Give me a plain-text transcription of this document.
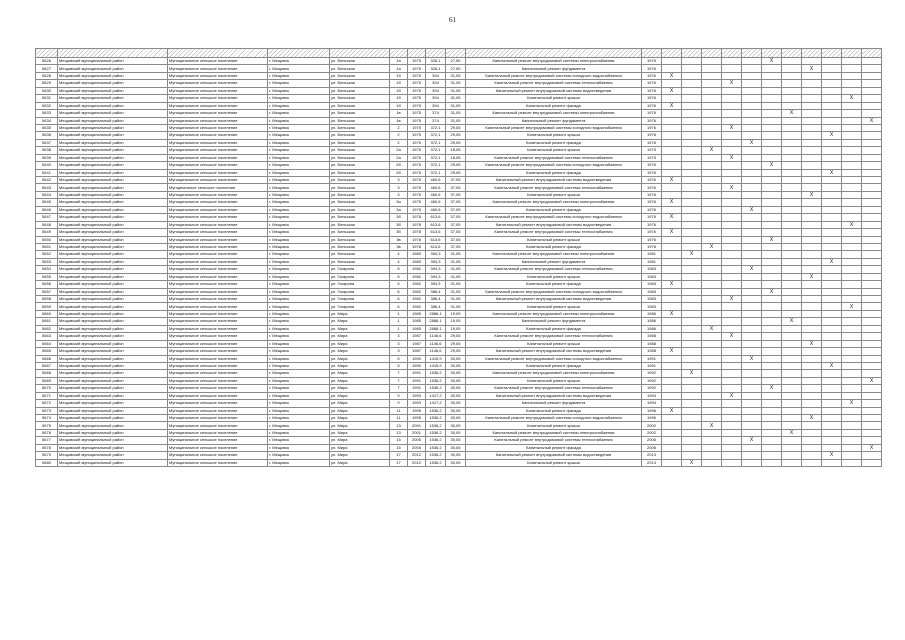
61

5626	Мещовский муниципальный район	Муниципальное сельское поселение	г. Мещовск	ул. Бельская	1а	1975	326,1	27,50	Капитальный ремонт внутридомовой системы электроснабжения	1976						X					
5627	Мещовский муниципальный район	Муниципальное сельское поселение	г. Мещовск	ул. Бельская	1а	1975	326,1	27,50	Капитальный ремонт фундамента	1976								X			
5628	Мещовский муниципальный район	Муниципальное сельское поселение	г. Мещовск	ул. Бельская	1б	1975	394	31,05	Капитальный ремонт внутридомовой системы холодного водоснабжения	1976	X										
5629	Мещовский муниципальный район	Муниципальное сельское поселение	г. Мещовск	ул. Бельская	1б	1975	394	31,05	Капитальный ремонт внутридомовой системы теплоснабжения	1976				X							
5630	Мещовский муниципальный район	Муниципальное сельское поселение	г. Мещовск	ул. Бельская	1б	1975	394	31,05	Капитальный ремонт внутридомовой системы водоотведения	1976	X										
5631	Мещовский муниципальный район	Муниципальное сельское поселение	г. Мещовск	ул. Бельская	1б	1975	394	31,05	Капитальный ремонт крыши	1976										X	
5632	Мещовский муниципальный район	Муниципальное сельское поселение	г. Мещовск	ул. Бельская	1б	1975	394	31,05	Капитальный ремонт фасада	1976	X										
5633	Мещовский муниципальный район	Муниципальное сельское поселение	г. Мещовск	ул. Бельская	1в	1975	374	31,05	Капитальный ремонт внутридомовой системы электроснабжения	1976							X				
5634	Мещовский муниципальный район	Муниципальное сельское поселение	г. Мещовск	ул. Бельская	1в	1975	374	31,05	Капитальный ремонт фундамента	1976											X
5635	Мещовский муниципальный район	Муниципальное сельское поселение	г. Мещовск	ул. Бельская	2	1975	372,1	29,05	Капитальный ремонт внутридомовой системы холодного водоснабжения	1976				X							
5636	Мещовский муниципальный район	Муниципальное сельское поселение	г. Мещовск	ул. Бельская	2	1975	372,1	29,05	Капитальный ремонт крыши	1976									X		
5637	Мещовский муниципальный район	Муниципальное сельское поселение	г. Мещовск	ул. Бельская	2	1975	372,1	29,05	Капитальный ремонт фасада	1976					X						
5638	Мещовский муниципальный район	Муниципальное сельское поселение	г. Мещовск	ул. Бельская	2а	1975	372,1	18,05	Капитальный ремонт крыши	1975			X								
5639	Мещовский муниципальный район	Муниципальное сельское поселение	г. Мещовск	ул. Бельская	2а	1975	372,1	18,05	Капитальный ремонт внутридомовой системы теплоснабжения	1975				X							
5640	Мещовский муниципальный район	Муниципальное сельское поселение	г. Мещовск	ул. Бельская	2б	1975	372,1	29,05	Капитальный ремонт внутридомовой системы холодного водоснабжения	1976						X					
5641	Мещовский муниципальный район	Муниципальное сельское поселение	г. Мещовск	ул. Бельская	2б	1975	372,1	29,05	Капитальный ремонт фасада	1976									X		
5642	Мещовский муниципальный район	Муниципальное сельское поселение	г. Мещовск	ул. Бельская	3	1975	460,6	37,05	Капитальный ремонт внутридомовой системы водоотведения	1976	X										
5643	Мещовский муниципальный район	Мунципальное сельское поселение	г. Мещовск	ул. Бельская	3	1975	460,6	37,05	Капитальный ремонт внутридомовой системы теплоснабжения	1976				X							
5644	Мещовский муниципальный район	Муниципальное сельское поселение	г. Мещовск	ул. Бельская	3	1975	460,6	37,05	Капитальный ремонт крыши	1976								X			
5645	Мещовский муниципальный район	Муниципальное сельское поселение	г. Мещовск	ул. Бельская	3а	1975	460,6	37,05	Капитальный ремонт внутридомовой системы электроснабжения	1976	X										
5646	Мещовский муниципальный район	Муниципальное сельское поселение	г. Мещовск	ул. Бельская	3а	1975	460,6	37,05	Капитальный ремонт фасада	1976					X						
5647	Мещовский муниципальный район	Муниципальное сельское поселение	г. Мещовск	ул. Бельская	3б	1978	613,6	37,05	Капитальный ремонт внутридомовой системы холодного водоснабжения	1976	X										
5648	Мещовский муниципальный район	Муниципальное сельское поселение	г. Мещовск	ул. Бельская	3б	1978	613,6	37,05	Капитальный ремонт внутридомовой системы водоотведения	1976										X	
5649	Мещовский муниципальный район	Муниципальное сельское поселение	г. Мещовск	ул. Бельская	3б	1978	613,6	37,05	Капитальный ремонт внутридомовой системы теплоснабжения	1976	X										
5650	Мещовский муниципальный район	Муниципальное сельское поселение	г. Мещовск	ул. Бельская	3в	1978	613,6	37,05	Капитальный ремонт крыши	1976						X					
5651	Мещовский муниципальный район	Муниципальное сельское поселение	г. Мещовск	ул. Бельская	3в	1978	613,6	37,05	Капитальный ремонт фасада	1976			X								
5652	Мещовский муниципальный район	Муниципальное сельское поселение	г. Мещовск	ул. Бельская	4	1980	394,3	31,05	Капитальный ремонт внутридомовой системы электроснабжения	1981		X									
5653	Мещовский муниципальный район	Муниципальное сельское поселение	г. Мещовск	ул. Бельская	4	1980	394,3	31,05	Капитальный ремонт фундамента	1981									X		
5654	Мещовский муниципальный район	Муниципальное сельское поселение	г. Мещовск	ул. Гагарина	5	1982	394,3	31,05	Капитальный ремонт внутридомовой системы теплоснабжения	1983					X						
5655	Мещовский муниципальный район	Муниципальное сельское поселение	г. Мещовск	ул. Гагарина	5	1982	394,3	31,05	Капитальный ремонт крыши	1983								X			
5656	Мещовский муниципальный район	Муниципальное сельское поселение	г. Мещовск	ул. Гагарина	5	1982	394,3	31,05	Капитальный ремонт фасада	1983	X										
5657	Мещовский муниципальный район	Муниципальное сельское поселение	г. Мещовск	ул. Гагарина	6	1982	386,4	31,05	Капитальный ремонт внутридомовой системы холодного водоснабжения	1983						X					
5658	Мещовский муниципальный район	Муниципальное сельское поселение	г. Мещовск	ул. Гагарина	6	1982	386,4	31,05	Капитальный ремонт внутридомовой системы водоотведения	1983				X							
5659	Мещовский муниципальный район	Муниципальное сельское поселение	г. Мещовск	ул. Гагарина	6	1982	386,4	31,05	Капитальный ремонт крыши	1983										X	
5660	Мещовский муниципальный район	Муниципальное сельское поселение	г. Мещовск	ул. Мира	1	1985	2886,1	19,05	Капитальный ремонт внутридомовой системы электроснабжения	1986	X										
5661	Мещовский муниципальный район	Муниципальное сельское поселение	г. Мещовск	ул. Мира	1	1985	2886,1	19,05	Капитальный ремонт фундамента	1986							X				
5662	Мещовский муниципальный район	Муниципальное сельское поселение	г. Мещовск	ул. Мира	1	1985	2886,1	19,05	Капитальный ремонт фасада	1986			X								
5663	Мещовский муниципальный район	Муниципальное сельское поселение	г. Мещовск	ул. Мира	3	1987	1146,6	29,05	Капитальный ремонт внутридомовой системы теплоснабжения	1988				X							
5664	Мещовский муниципальный район	Муниципальное сельское поселение	г. Мещовск	ул. Мира	3	1987	1146,6	29,05	Капитальный ремонт крыши	1988								X			
5665	Мещовский муниципальный район	Муниципальное сельское поселение	г. Мещовск	ул. Мира	3	1987	1146,6	29,05	Капитальный ремонт внутридомовой системы водоотведения	1988	X										
5666	Мещовский муниципальный район	Муниципальное сельское поселение	г. Мещовск	ул. Мира	5	1990	1415,9	30,05	Капитальный ремонт внутридомовой системы холодного водоснабжения	1991					X						
5667	Мещовский муниципальный район	Муниципальное сельское поселение	г. Мещовск	ул. Мира	5	1990	1415,9	30,05	Капитальный ремонт фасада	1991									X		
5668	Мещовский муниципальный район	Муниципальное сельское поселение	г. Мещовск	ул. Мира	7	1991	1536,2	30,05	Капитальный ремонт внутридомовой системы электроснабжения	1992		X									
5669	Мещовский муниципальный район	Муниципальное сельское поселение	г. Мещовск	ул. Мира	7	1991	1536,2	30,05	Капитальный ремонт крыши	1992											X
5670	Мещовский муниципальный район	Муниципальное сельское поселение	г. Мещовск	ул. Мира	7	1991	1536,2	30,05	Капитальный ремонт внутридомовой системы теплоснабжения	1992						X					
5671	Мещовский муниципальный район	Муниципальное сельское поселение	г. Мещовск	ул. Мира	9	1993	1417,2	30,05	Капитальный ремонт внутридомовой системы водоотведения	1994				X							
5672	Мещовский муниципальный район	Муниципальное сельское поселение	г. Мещовск	ул. Мира	9	1993	1417,2	30,05	Капитальный ремонт фундамента	1994										X	
5673	Мещовский муниципальный район	Муниципальное сельское поселение	г. Мещовск	ул. Мира	11	1995	1536,2	30,05	Капитальный ремонт фасада	1996	X										
5674	Мещовский муниципальный район	Муниципальное сельское поселение	г. Мещовск	ул. Мира	11	1995	1536,2	30,05	Капитальный ремонт внутридомовой системы холодного водоснабжения	1996								X			
5675	Мещовский муниципальный район	Муниципальное сельское поселение	г. Мещовск	ул. Мира	13	2001	1536,2	30,05	Капитальный ремонт крыши	2002			X								
5676	Мещовский муниципальный район	Муниципальное сельское поселение	г. Мещовск	ул. Мира	13	2001	1536,2	30,05	Капитальный ремонт внутридомовой системы электроснабжения	2002							X				
5677	Мещовский муниципальный район	Муниципальное сельское поселение	г. Мещовск	ул. Мира	15	2005	1536,2	30,05	Капитальный ремонт внутридомовой системы теплоснабжения	2006					X						
5678	Мещовский муниципальный район	Муниципальное сельское поселение	г. Мещовск	ул. Мира	15	2005	1536,2	30,05	Капитальный ремонт фасада	2006											X
5679	Мещовский муниципальный район	Муниципальное сельское поселение	г. Мещовск	ул. Мира	17	2012	1536,2	30,05	Капитальный ремонт внутридомовой системы водоотведения	2013									X		
5680	Мещовский муниципальный район	Муниципальное сельское поселение	г. Мещовск	ул. Мира	17	2012	1536,2	30,05	Капитальный ремонт крыши	2013		X									
